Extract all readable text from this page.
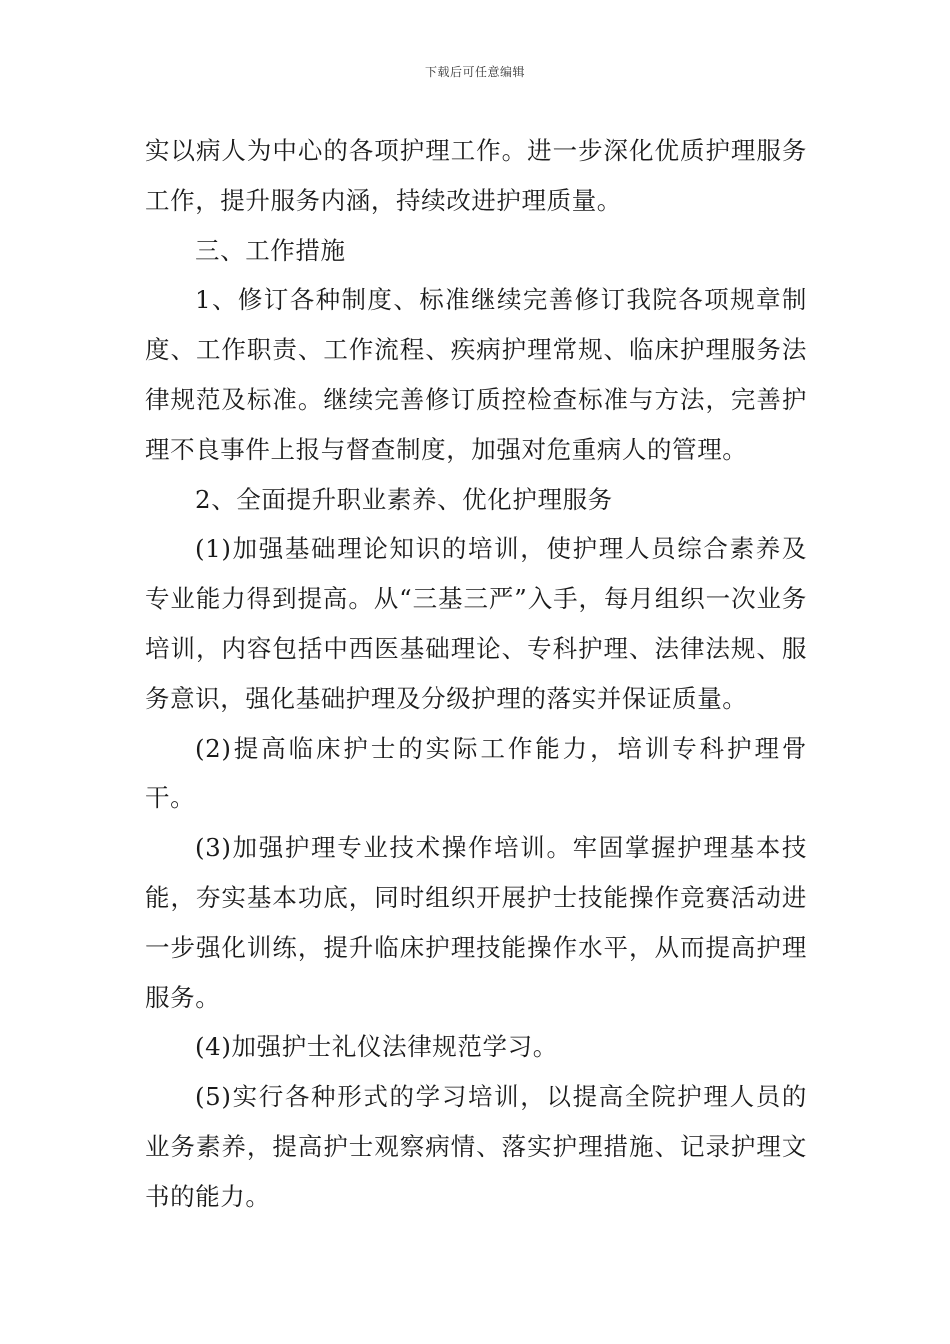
下载后可任意编辑

实以病人为中心的各项护理工作。进一步深化优质护理服务工作，提升服务内涵，持续改进护理质量。

三、工作措施

1、修订各种制度、标准继续完善修订我院各项规章制度、工作职责、工作流程、疾病护理常规、临床护理服务法律规范及标准。继续完善修订质控检查标准与方法，完善护理不良事件上报与督查制度，加强对危重病人的管理。

2、全面提升职业素养、优化护理服务

(1)加强基础理论知识的培训，使护理人员综合素养及专业能力得到提高。从“三基三严”入手，每月组织一次业务培训，内容包括中西医基础理论、专科护理、法律法规、服务意识，强化基础护理及分级护理的落实并保证质量。

(2)提高临床护士的实际工作能力，培训专科护理骨干。

(3)加强护理专业技术操作培训。牢固掌握护理基本技能，夯实基本功底，同时组织开展护士技能操作竞赛活动进一步强化训练，提升临床护理技能操作水平，从而提高护理服务。

(4)加强护士礼仪法律规范学习。

(5)实行各种形式的学习培训，以提高全院护理人员的业务素养，提高护士观察病情、落实护理措施、记录护理文书的能力。
